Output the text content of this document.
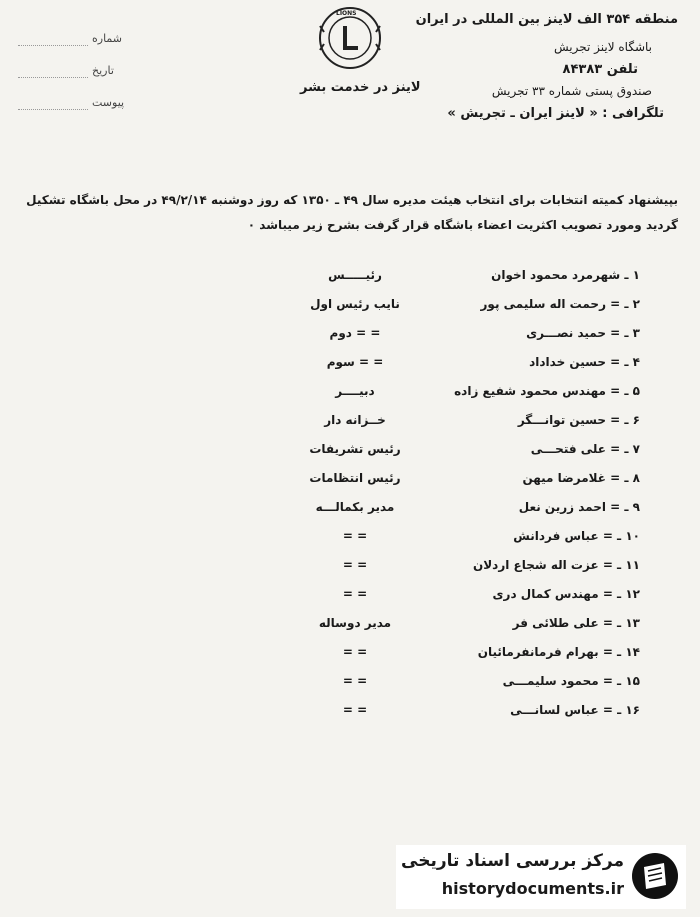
شماره
تاریخ
پیوست
LIONS
لاینز در خدمت بشر
منطقه ۳۵۴ الف لاینز بین المللی در ایران
باشگاه لاینز تجریش
تلفن ۸۴۳۸۳
صندوق پستی شماره ۳۳ تجریش
تلگرافی : « لاینز ایران ـ تجریش »
بپیشنهاد کمیته انتخابات برای انتخاب هیئت مدیره سال ۴۹ ـ ۱۳۵۰ که روز دوشنبه ۴۹/۲/۱۴ در محل باشگاه تشکیل گردید ومورد تصویب اکثریت اعضاء باشگاه قرار گرفت بشرح زیر میباشد ٠
۱ ـ شهرمرد محمود اخوان
رئیـــــس
۲ ـ = رحمت اله سلیمی پور
نایب رئیس اول
۳ ـ = حمید نصـــری
= = دوم
۴ ـ = حسین خداداد
= = سوم
۵ ـ = مهندس محمود شفیع زاده
دبیــــر
۶ ـ = حسین توانـــگر
خــزانه دار
۷ ـ = علی فتحـــی
رئیس تشریفات
۸ ـ = غلامرضا میهن
رئیس انتظامات
۹ ـ = احمد زرین نعل
مدیر بکمالـــه
۱۰ ـ = عباس فردانش
= =
۱۱ ـ = عزت اله شجاع اردلان
= =
۱۲ ـ = مهندس کمال دری
= =
۱۳ ـ = علی طلائی فر
مدیر دوساله
۱۴ ـ = بهرام فرمانفرمائیان
= =
۱۵ ـ = محمود سلیمـــی
= =
۱۶ ـ = عباس لسانـــی
= =
مرکز بررسی اسناد تاریخی
historydocuments.ir
